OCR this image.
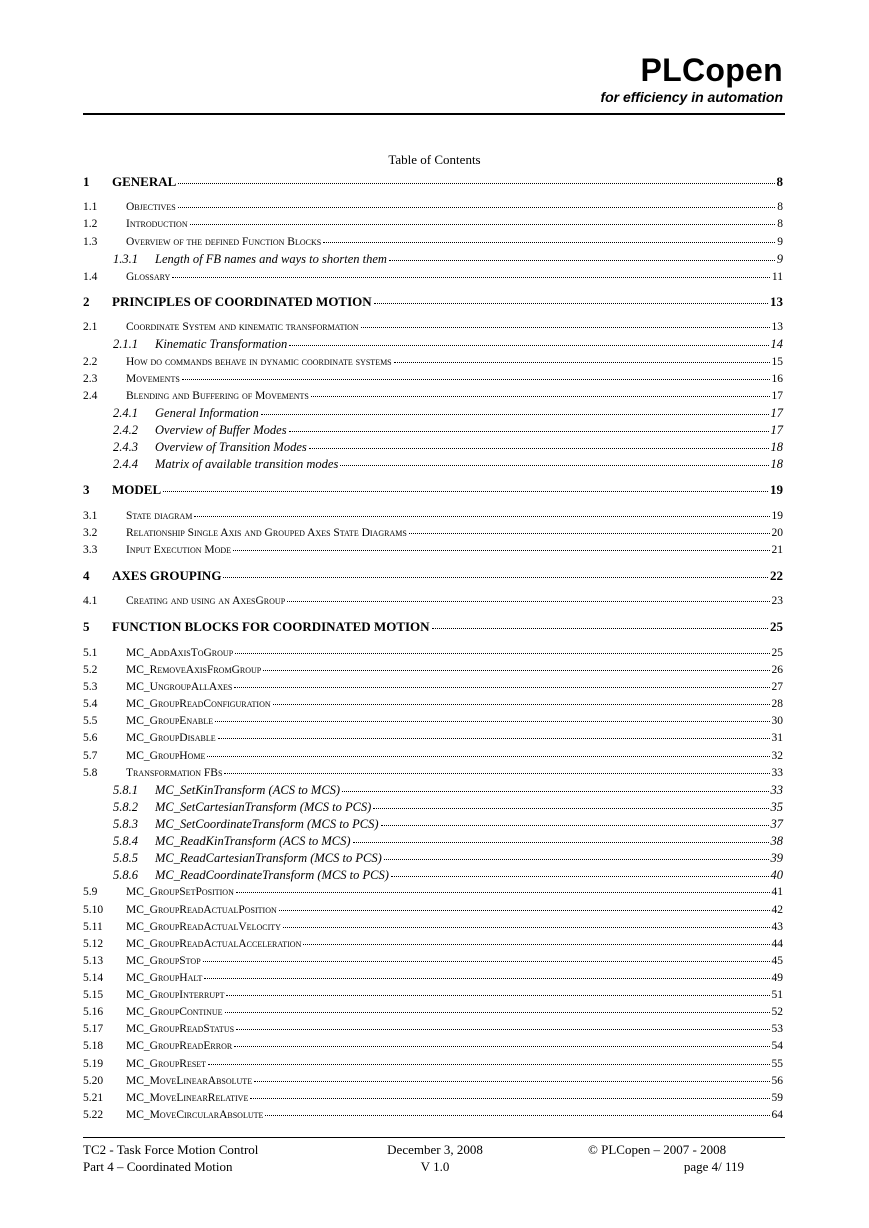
PLCopen
for efficiency in automation
Table of Contents
1	GENERAL	8
1.1	Objectives	8
1.2	Introduction	8
1.3	Overview of the defined Function Blocks	9
1.3.1	Length of FB names and ways to shorten them	9
1.4	Glossary	11
2	PRINCIPLES OF COORDINATED MOTION	13
2.1	Coordinate System and kinematic transformation	13
2.1.1	Kinematic Transformation	14
2.2	How do commands behave in dynamic coordinate systems	15
2.3	Movements	16
2.4	Blending and Buffering of Movements	17
2.4.1	General Information	17
2.4.2	Overview of Buffer Modes	17
2.4.3	Overview of Transition Modes	18
2.4.4	Matrix of available transition modes	18
3	MODEL	19
3.1	State diagram	19
3.2	Relationship Single Axis and Grouped Axes State Diagrams	20
3.3	Input Execution Mode	21
4	AXES GROUPING	22
4.1	Creating and using an AxesGroup	23
5	FUNCTION BLOCKS FOR COORDINATED MOTION	25
5.1	MC_AddAxisToGroup	25
5.2	MC_RemoveAxisFromGroup	26
5.3	MC_UngroupAllAxes	27
5.4	MC_GroupReadConfiguration	28
5.5	MC_GroupEnable	30
5.6	MC_GroupDisable	31
5.7	MC_GroupHome	32
5.8	Transformation FBs	33
5.8.1	MC_SetKinTransform (ACS to MCS)	33
5.8.2	MC_SetCartesianTransform (MCS to PCS)	35
5.8.3	MC_SetCoordinateTransform (MCS to PCS)	37
5.8.4	MC_ReadKinTransform (ACS to MCS)	38
5.8.5	MC_ReadCartesianTransform (MCS to PCS)	39
5.8.6	MC_ReadCoordinateTransform (MCS to PCS)	40
5.9	MC_GroupSetPosition	41
5.10	MC_GroupReadActualPosition	42
5.11	MC_GroupReadActualVelocity	43
5.12	MC_GroupReadActualAcceleration	44
5.13	MC_GroupStop	45
5.14	MC_GroupHalt	49
5.15	MC_GroupInterrupt	51
5.16	MC_GroupContinue	52
5.17	MC_GroupReadStatus	53
5.18	MC_GroupReadError	54
5.19	MC_GroupReset	55
5.20	MC_MoveLinearAbsolute	56
5.21	MC_MoveLinearRelative	59
5.22	MC_MoveCircularAbsolute	64
TC2 - Task Force Motion Control
Part 4 – Coordinated Motion
December 3, 2008
V 1.0
© PLCopen – 2007 - 2008
page 4/ 119
